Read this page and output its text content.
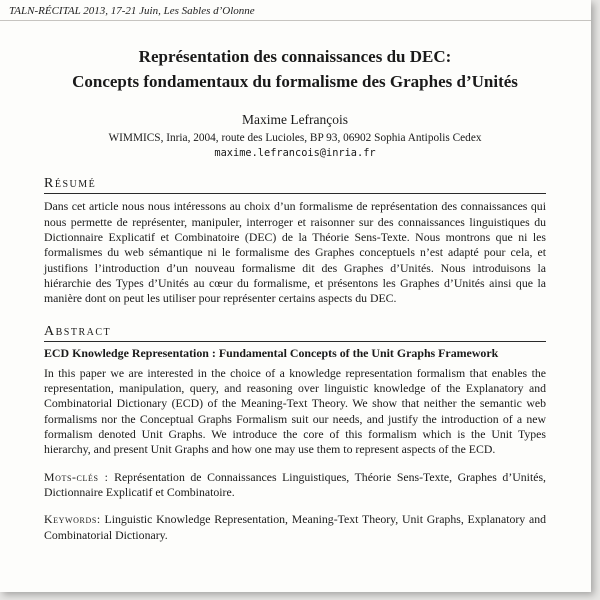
TALN-RÉCITAL 2013, 17-21 Juin, Les Sables d’Olonne
Représentation des connaissances du DEC:
Concepts fondamentaux du formalisme des Graphes d’Unités
Maxime Lefrançois
WIMMICS, Inria, 2004, route des Lucioles, BP 93, 06902 Sophia Antipolis Cedex
maxime.lefrancois@inria.fr
Résumé
Dans cet article nous nous intéressons au choix d’un formalisme de représentation des connaissances qui nous permette de représenter, manipuler, interroger et raisonner sur des connaissances linguistiques du Dictionnaire Explicatif et Combinatoire (DEC) de la Théorie Sens-Texte. Nous montrons que ni les formalismes du web sémantique ni le formalisme des Graphes conceptuels n’est adapté pour cela, et justifions l’introduction d’un nouveau formalisme dit des Graphes d’Unités. Nous introduisons la hiérarchie des Types d’Unités au cœur du formalisme, et présentons les Graphes d’Unités ainsi que la manière dont on peut les utiliser pour représenter certains aspects du DEC.
Abstract
ECD Knowledge Representation : Fundamental Concepts of the Unit Graphs Framework
In this paper we are interested in the choice of a knowledge representation formalism that enables the representation, manipulation, query, and reasoning over linguistic knowledge of the Explanatory and Combinatorial Dictionary (ECD) of the Meaning-Text Theory. We show that neither the semantic web formalisms nor the Conceptual Graphs Formalism suit our needs, and justify the introduction of a new formalism denoted Unit Graphs. We introduce the core of this formalism which is the Unit Types hierarchy, and present Unit Graphs and how one may use them to represent aspects of the ECD.
Mots-clés : Représentation de Connaissances Linguistiques, Théorie Sens-Texte, Graphes d’Unités, Dictionnaire Explicatif et Combinatoire.
Keywords: Linguistic Knowledge Representation, Meaning-Text Theory, Unit Graphs, Explanatory and Combinatorial Dictionary.
